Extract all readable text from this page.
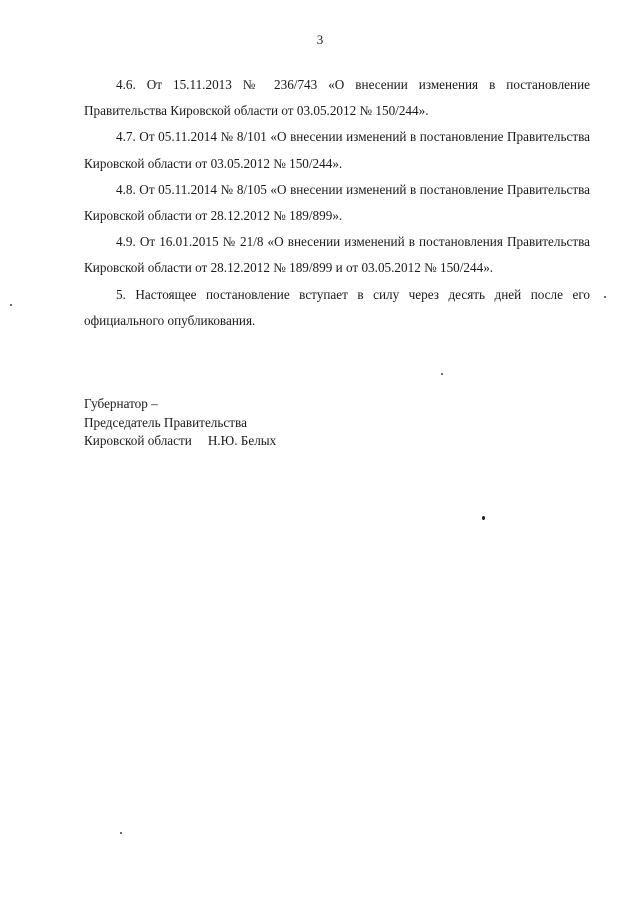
3

4.6. От 15.11.2013 № 236/743 «О внесении изменения в постановление Правительства Кировской области от 03.05.2012 № 150/244».

4.7. От 05.11.2014 № 8/101 «О внесении изменений в постановление Правительства Кировской области от 03.05.2012 № 150/244».

4.8. От 05.11.2014 № 8/105 «О внесении изменений в постановление Правительства Кировской области от 28.12.2012 № 189/899».

4.9. От 16.01.2015 № 21/8 «О внесении изменений в постановления Правительства Кировской области от 28.12.2012 № 189/899 и от 03.05.2012 № 150/244».

5. Настоящее постановление вступает в силу через десять дней после его официального опубликования.

Губернатор –
Председатель Правительства
Кировской области Н.Ю. Белых
